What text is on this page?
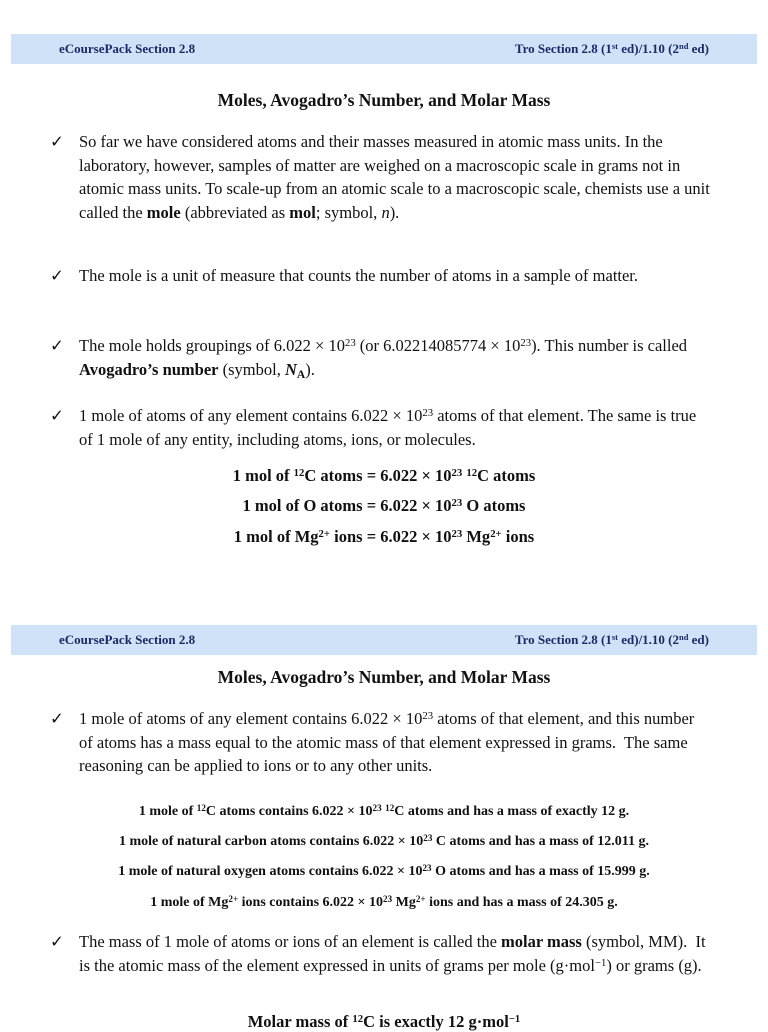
eCoursePack Section 2.8	Tro Section 2.8 (1st ed)/1.10 (2nd ed)
Moles, Avogadro’s Number, and Molar Mass
✓ So far we have considered atoms and their masses measured in atomic mass units. In the laboratory, however, samples of matter are weighed on a macroscopic scale in grams not in atomic mass units. To scale-up from an atomic scale to a macroscopic scale, chemists use a unit called the mole (abbreviated as mol; symbol, n).
✓ The mole is a unit of measure that counts the number of atoms in a sample of matter.
✓ The mole holds groupings of $6.022 \times 10^{23}$ (or $6.02214085774 \times 10^{23}$). This number is called Avogadro’s number (symbol, $N_A$).
✓ 1 mole of atoms of any element contains $6.022 \times 10^{23}$ atoms of that element. The same is true of 1 mole of any entity, including atoms, ions, or molecules.
1 mol of $^{12}$C atoms = $6.022 \times 10^{23}$ $^{12}$C atoms
1 mol of O atoms = $6.022 \times 10^{23}$ O atoms
1 mol of $Mg^{2+}$ ions = $6.022 \times 10^{23}$ $Mg^{2+}$ ions
eCoursePack Section 2.8	Tro Section 2.8 (1st ed)/1.10 (2nd ed)
Moles, Avogadro’s Number, and Molar Mass
✓ 1 mole of atoms of any element contains $6.022 \times 10^{23}$ atoms of that element, and this number of atoms has a mass equal to the atomic mass of that element expressed in grams.  The same reasoning can be applied to ions or to any other units.
1 mole of $^{12}$C atoms contains $6.022 \times 10^{23}$ $^{12}$C atoms and has a mass of exactly 12 g.
1 mole of natural carbon atoms contains $6.022 \times 10^{23}$ C atoms and has a mass of 12.011 g.
1 mole of natural oxygen atoms contains $6.022 \times 10^{23}$ O atoms and has a mass of 15.999 g.
1 mole of $Mg^{2+}$ ions contains $6.022 \times 10^{23}$ $Mg^{2+}$ ions and has a mass of 24.305 g.
✓ The mass of 1 mole of atoms or ions of an element is called the molar mass (symbol, MM).  It is the atomic mass of the element expressed in units of grams per mole (g·mol$^{-1}$) or grams (g).
Molar mass of $^{12}$C is exactly 12 g·mol$^{-1}$
